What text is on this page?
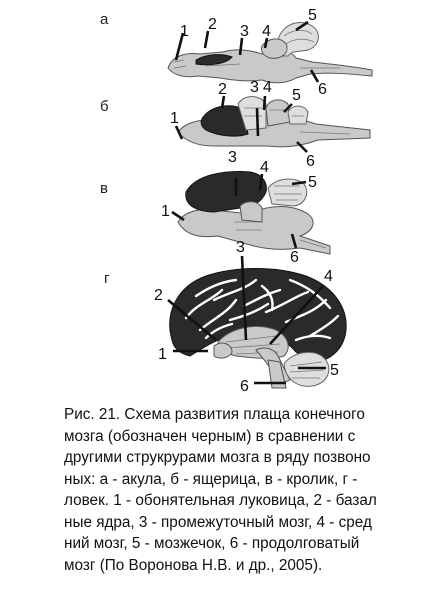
а
1 2 3 4
5
6
б
1
2 3 4 5
6
в
1
3
4
5
6
г
2
1
3
4
5
6
Рис. 21. Схема развития плаща конечного
мозга (обозначен черным) в сравнении с
другими струкрурами мозга в ряду позвоно
ных: а - акула, б - ящерица, в - кролик, г -
ловек. 1 - обонятельная луковица, 2 - базал
ные ядра, 3 - промежуточный мозг, 4 - сред
ний мозг, 5 - мозжечок, 6 - продолговатый
мозг (По Воронова Н.В. и др., 2005).
